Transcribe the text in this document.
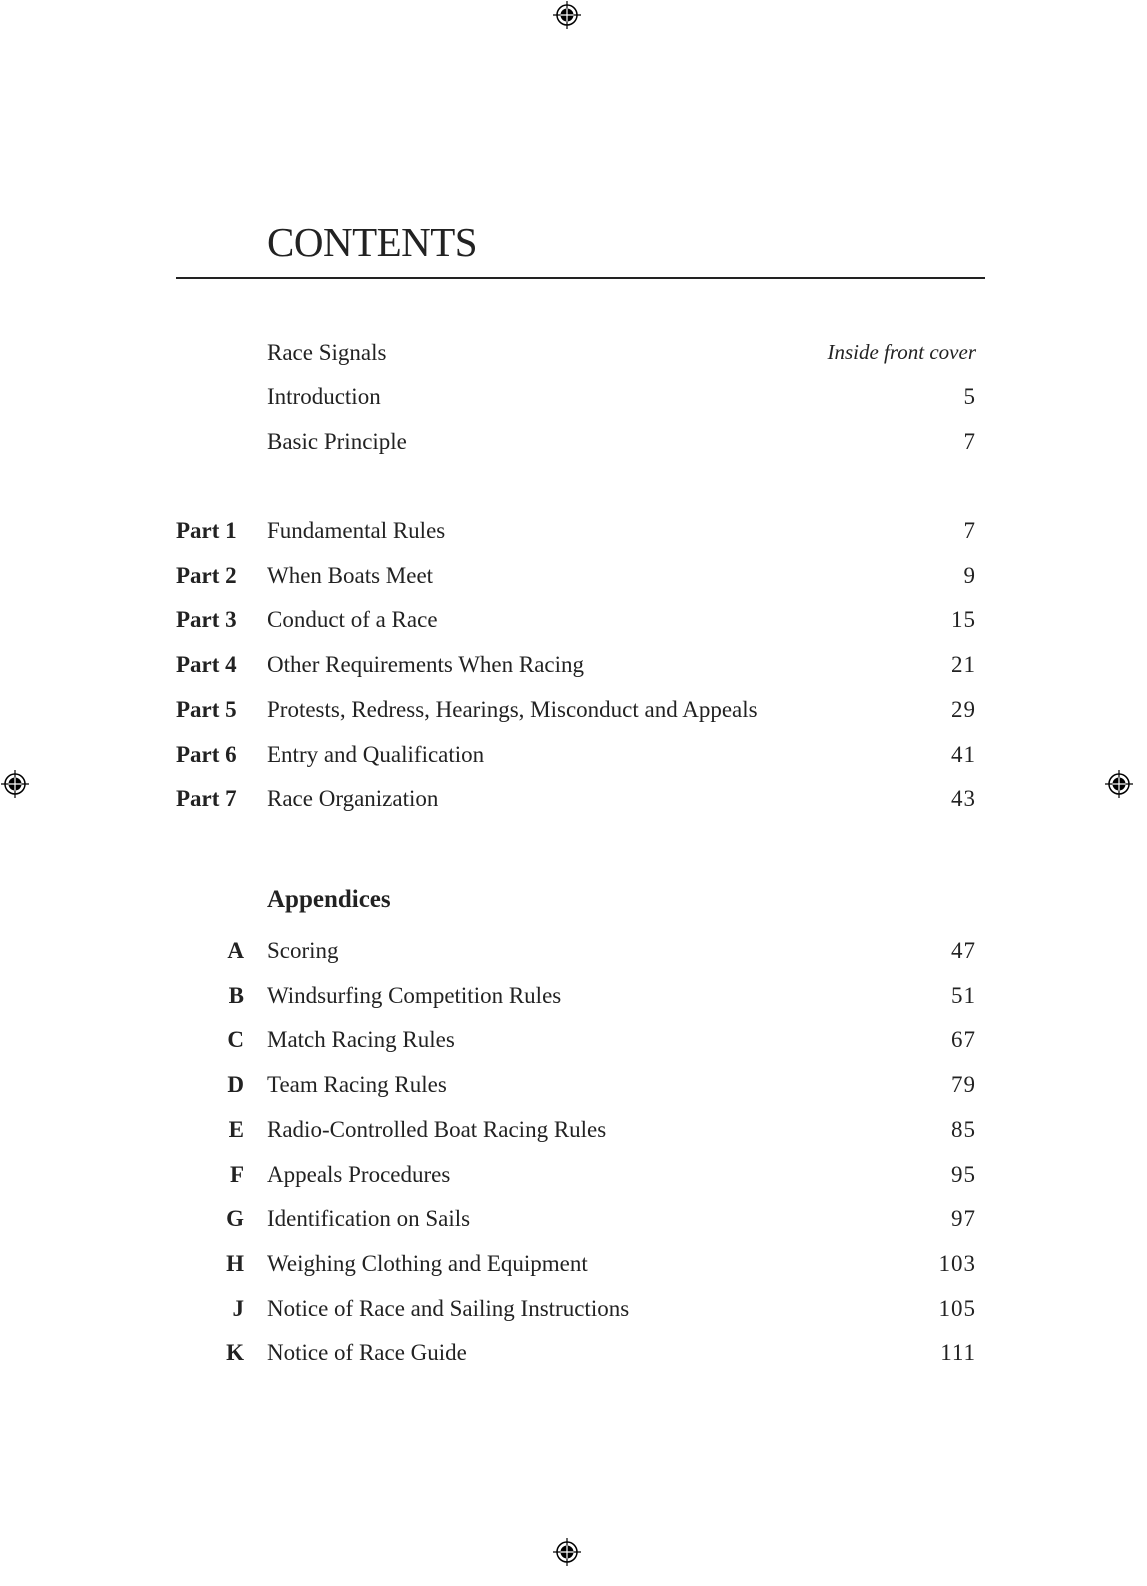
CONTENTS
Race Signals	Inside front cover
Introduction	5
Basic Principle	7
Part 1 Fundamental Rules	7
Part 2 When Boats Meet	9
Part 3 Conduct of a Race	15
Part 4 Other Requirements When Racing	21
Part 5 Protests, Redress, Hearings, Misconduct and Appeals	29
Part 6 Entry and Qualification	41
Part 7 Race Organization	43
Appendices
A Scoring	47
B Windsurfing Competition Rules	51
C Match Racing Rules	67
D Team Racing Rules	79
E Radio-Controlled Boat Racing Rules	85
F Appeals Procedures	95
G Identification on Sails	97
H Weighing Clothing and Equipment	103
J Notice of Race and Sailing Instructions	105
K Notice of Race Guide	111
